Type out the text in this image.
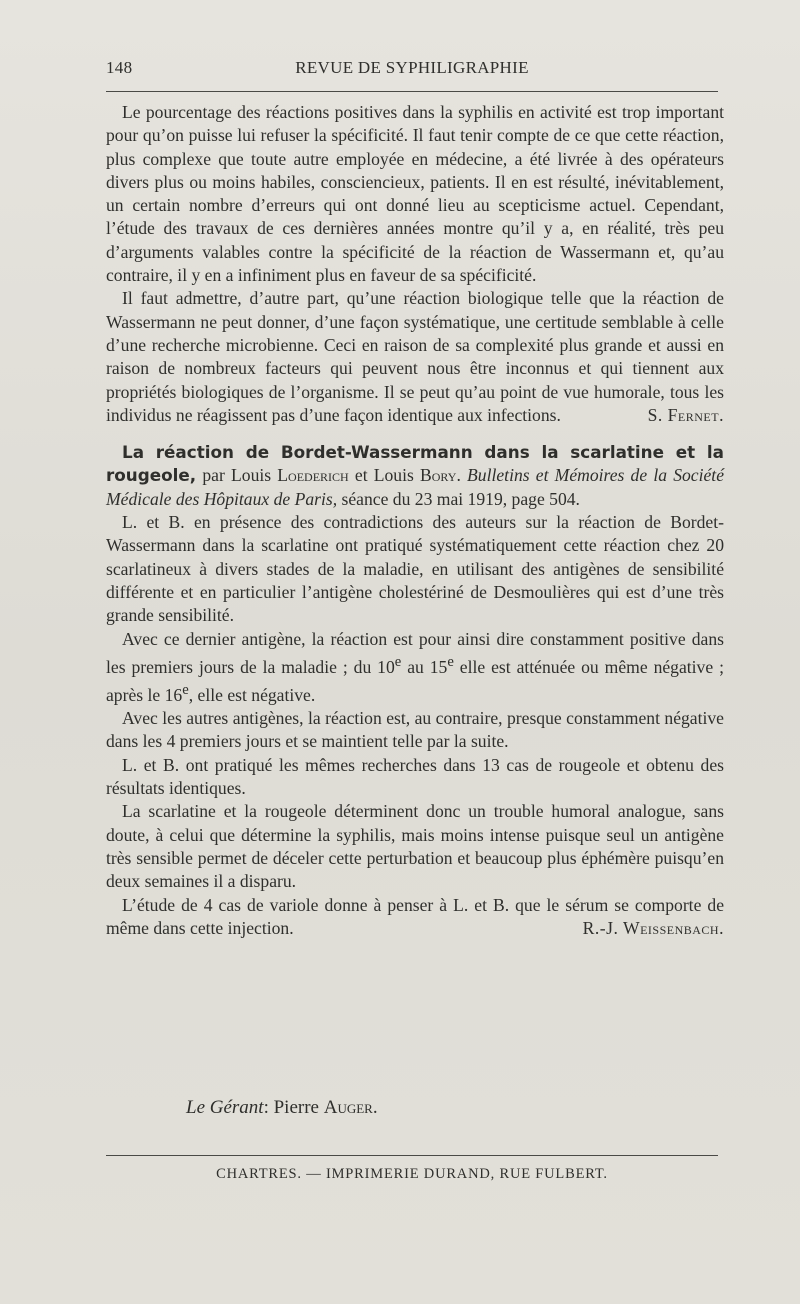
148	REVUE DE SYPHILIGRAPHIE

Le pourcentage des réactions positives dans la syphilis en activité est trop important pour qu’on puisse lui refuser la spécificité. Il faut tenir compte de ce que cette réaction, plus complexe que toute autre employée en médecine, a été livrée à des opérateurs divers plus ou moins habiles, consciencieux, patients. Il en est résulté, inévitablement, un certain nombre d’erreurs qui ont donné lieu au scepticisme actuel. Cependant, l’étude des travaux de ces dernières années montre qu’il y a, en réalité, très peu d’arguments valables contre la spécificité de la réaction de Wassermann et, qu’au contraire, il y en a infiniment plus en faveur de sa spécificité.

Il faut admettre, d’autre part, qu’une réaction biologique telle que la réaction de Wassermann ne peut donner, d’une façon systématique, une certitude semblable à celle d’une recherche microbienne. Ceci en raison de sa complexité plus grande et aussi en raison de nombreux facteurs qui peuvent nous être inconnus et qui tiennent aux propriétés biologiques de l’organisme. Il se peut qu’au point de vue humorale, tous les individus ne réagissent pas d’une façon identique aux infections.	S. Fernet.

La réaction de Bordet-Wassermann dans la scarlatine et la rougeole, par Louis Loederich et Louis Bory. Bulletins et Mémoires de la Société Médicale des Hôpitaux de Paris, séance du 23 mai 1919, page 504.

L. et B. en présence des contradictions des auteurs sur la réaction de Bordet-Wassermann dans la scarlatine ont pratiqué systématiquement cette réaction chez 20 scarlatineux à divers stades de la maladie, en utilisant des antigènes de sensibilité différente et en particulier l’antigène cholestériné de Desmoulières qui est d’une très grande sensibilité.

Avec ce dernier antigène, la réaction est pour ainsi dire constamment positive dans les premiers jours de la maladie ; du 10e au 15e elle est atténuée ou même négative ; après le 16e, elle est négative.

Avec les autres antigènes, la réaction est, au contraire, presque constamment négative dans les 4 premiers jours et se maintient telle par la suite.

L. et B. ont pratiqué les mêmes recherches dans 13 cas de rougeole et obtenu des résultats identiques.

La scarlatine et la rougeole déterminent donc un trouble humoral analogue, sans doute, à celui que détermine la syphilis, mais moins intense puisque seul un antigène très sensible permet de déceler cette perturbation et beaucoup plus éphémère puisqu’en deux semaines il a disparu.

L’étude de 4 cas de variole donne à penser à L. et B. que le sérum se comporte de même dans cette injection.	R.-J. Weissenbach.

Le Gérant: Pierre Auger.
CHARTRES. — IMPRIMERIE DURAND, RUE FULBERT.
